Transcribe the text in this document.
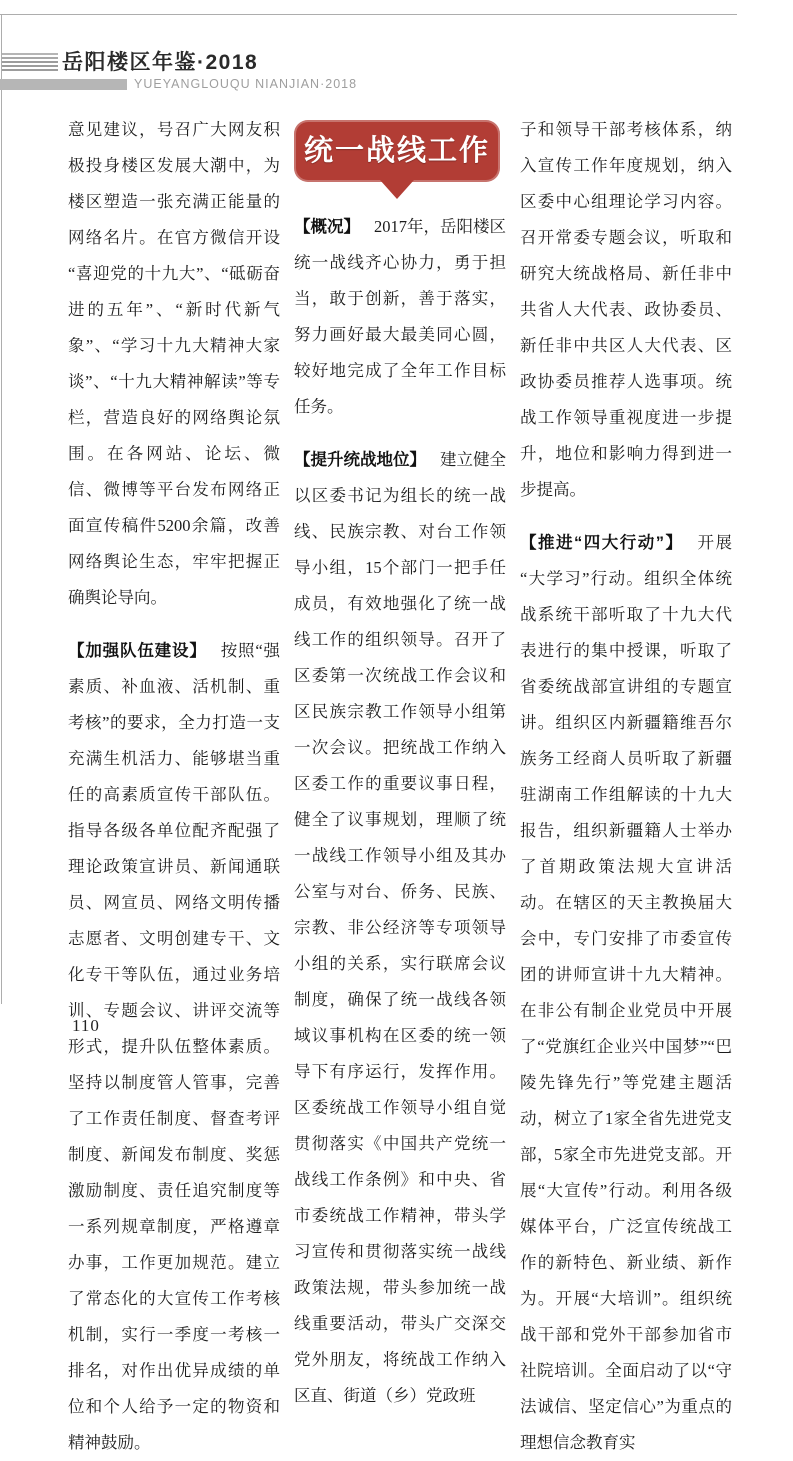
岳阳楼区年鉴·2018
YUEYANGLOUQU NIANJIAN·2018

意见建议，号召广大网友积极投身楼区发展大潮中，为楼区塑造一张充满正能量的网络名片。在官方微信开设“喜迎党的十九大”、“砥砺奋进的五年”、“新时代新气象”、“学习十九大精神大家谈”、“十九大精神解读”等专栏，营造良好的网络舆论氛围。在各网站、论坛、微信、微博等平台发布网络正面宣传稿件5200余篇，改善网络舆论生态，牢牢把握正确舆论导向。

【加强队伍建设】 按照“强素质、补血液、活机制、重考核”的要求，全力打造一支充满生机活力、能够堪当重任的高素质宣传干部队伍。指导各级各单位配齐配强了理论政策宣讲员、新闻通联员、网宣员、网络文明传播志愿者、文明创建专干、文化专干等队伍，通过业务培训、专题会议、讲评交流等形式，提升队伍整体素质。坚持以制度管人管事，完善了工作责任制度、督查考评制度、新闻发布制度、奖惩激励制度、责任追究制度等一系列规章制度，严格遵章办事，工作更加规范。建立了常态化的大宣传工作考核机制，实行一季度一考核一排名，对作出优异成绩的单位和个人给予一定的物资和精神鼓励。

统一战线工作

【概况】 2017年，岳阳楼区统一战线齐心协力，勇于担当，敢于创新，善于落实，努力画好最大最美同心圆，较好地完成了全年工作目标任务。

【提升统战地位】 建立健全以区委书记为组长的统一战线、民族宗教、对台工作领导小组，15个部门一把手任成员，有效地强化了统一战线工作的组织领导。召开了区委第一次统战工作会议和区民族宗教工作领导小组第一次会议。把统战工作纳入区委工作的重要议事日程，健全了议事规划，理顺了统一战线工作领导小组及其办公室与对台、侨务、民族、宗教、非公经济等专项领导小组的关系，实行联席会议制度，确保了统一战线各领域议事机构在区委的统一领导下有序运行，发挥作用。区委统战工作领导小组自觉贯彻落实《中国共产党统一战线工作条例》和中央、省市委统战工作精神，带头学习宣传和贯彻落实统一战线政策法规，带头参加统一战线重要活动，带头广交深交党外朋友，将统战工作纳入区直、街道（乡）党政班

子和领导干部考核体系，纳入宣传工作年度规划，纳入区委中心组理论学习内容。召开常委专题会议，听取和研究大统战格局、新任非中共省人大代表、政协委员、新任非中共区人大代表、区政协委员推荐人选事项。统战工作领导重视度进一步提升，地位和影响力得到进一步提高。

【推进“四大行动”】 开展“大学习”行动。组织全体统战系统干部听取了十九大代表进行的集中授课，听取了省委统战部宣讲组的专题宣讲。组织区内新疆籍维吾尔族务工经商人员听取了新疆驻湖南工作组解读的十九大报告，组织新疆籍人士举办了首期政策法规大宣讲活动。在辖区的天主教换届大会中，专门安排了市委宣传团的讲师宣讲十九大精神。在非公有制企业党员中开展了“党旗红企业兴中国梦”“巴陵先锋先行”等党建主题活动，树立了1家全省先进党支部，5家全市先进党支部。开展“大宣传”行动。利用各级媒体平台，广泛宣传统战工作的新特色、新业绩、新作为。开展“大培训”。组织统战干部和党外干部参加省市社院培训。全面启动了以“守法诚信、坚定信心”为重点的理想信念教育实

110
